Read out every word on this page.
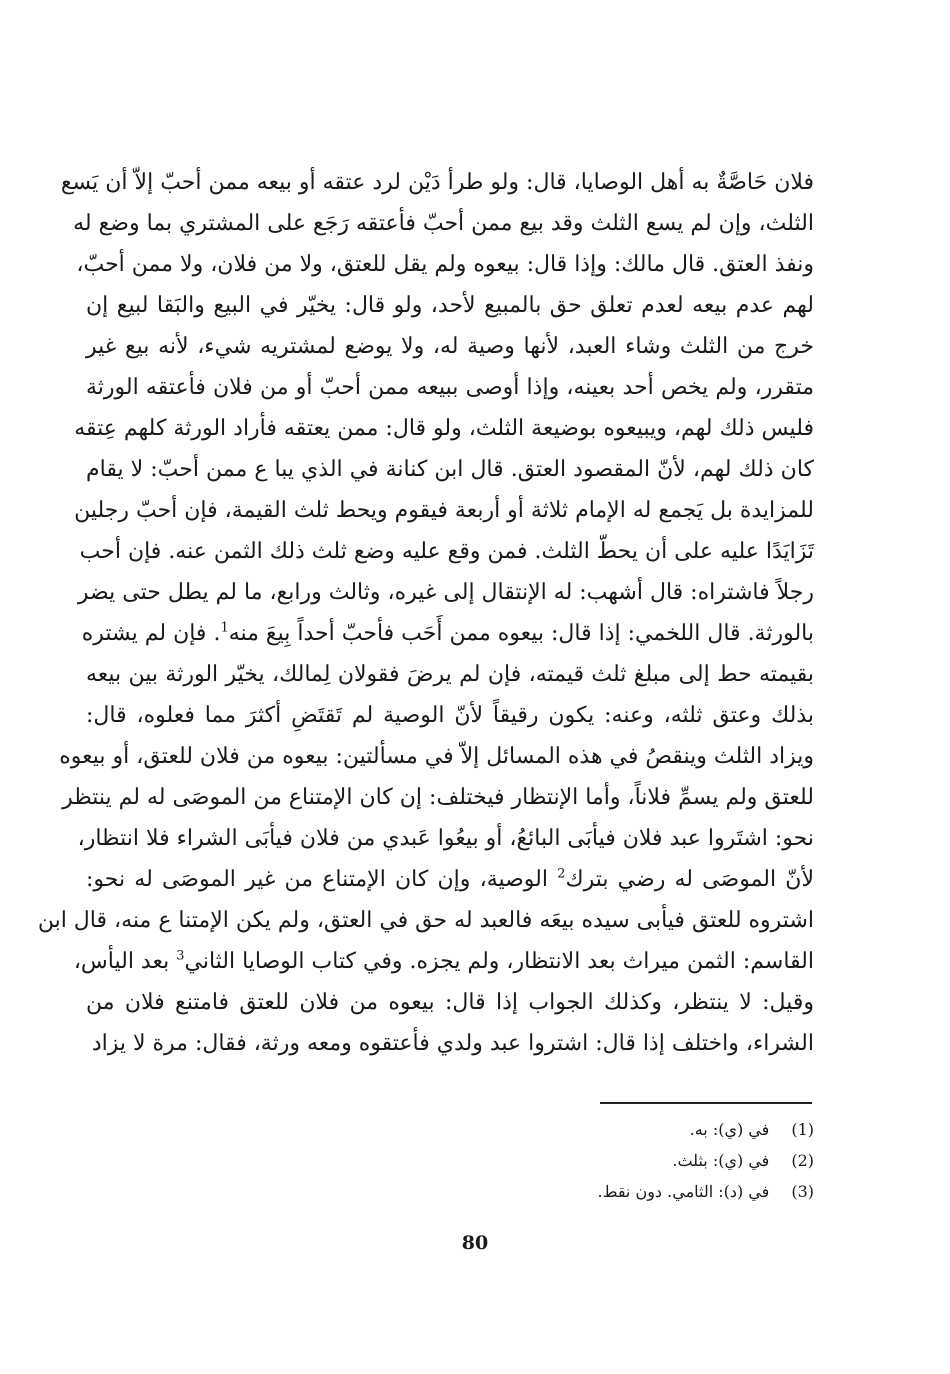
فلان حَاصَّةٌ به أهل الوصايا، قال: ولو طرأ دَيْن لرد عتقه أو بيعه ممن أحبّ إلاّ أن يَسع
الثلث، وإن لم يسع الثلث وقد بيع ممن أحبّ فأعتقه رَجَع على المشتري بما وضع له
ونفذ العتق. قال مالك: وإذا قال: بيعوه ولم يقل للعتق، ولا من فلان، ولا ممن أحبّ،
لهم عدم بيعه لعدم تعلق حق بالمبيع لأحد، ولو قال: يخيّر في البيع والبَقا لبيع إن
خرج من الثلث وشاء العبد، لأنها وصية له، ولا يوضع لمشتريه شيء، لأنه بيع غير
متقرر، ولم يخص أحد بعينه، وإذا أوصى ببيعه ممن أحبّ أو من فلان فأعتقه الورثة
فليس ذلك لهم، ويبيعوه بوضيعة الثلث، ولو قال: ممن يعتقه فأراد الورثة كلهم عِتقه
كان ذلك لهم، لأنّ المقصود العتق. قال ابن كنانة في الذي يبا ع ممن أحبّ: لا يقام
للمزايدة بل يَجمع له الإمام ثلاثة أو أربعة فيقوم ويحط ثلث القيمة، فإن أحبّ رجلين
تَزَايَدًا عليه على أن يحطّ الثلث. فمن وقع عليه وضع ثلث ذلك الثمن عنه. فإن أحب
رجلاً فاشتراه: قال أشهب: له الإنتقال إلى غيره، وثالث ورابع، ما لم يطل حتى يضر
بالورثة. قال اللخمي: إذا قال: بيعوه ممن أَحَب فأحبّ أحداً بِيعَ منه$^1$. فإن لم يشتره
بقيمته حط إلى مبلغ ثلث قيمته، فإن لم يرضَ فقولان لِمالك، يخيّر الورثة بين بيعه
بذلك وعتق ثلثه، وعنه: يكون رقيقاً لأنّ الوصية لم تَقتَضِ أكثرَ مما فعلوه، قال:
ويزاد الثلث وينقصُ في هذه المسائل إلاّ في مسألتين: بيعوه من فلان للعتق، أو بيعوه
للعتق ولم يسمِّ فلاناً، وأما الإنتظار فيختلف: إن كان الإمتناع من الموصَى له لم ينتظر
نحو: اشتَروا عبد فلان فيأبَى البائعُ، أو بيعُوا عَبدي من فلان فيأبَى الشراء فلا انتظار،
لأنّ الموصَى له رضي بترك$^2$ الوصية، وإن كان الإمتناع من غير الموصَى له نحو:
اشتروه للعتق فيأبى سيده بيعَه فالعبد له حق في العتق، ولم يكن الإمتنا ع منه، قال ابن
القاسم: الثمن ميراث بعد الانتظار، ولم يجزه. وفي كتاب الوصايا الثاني$^3$ بعد اليأس،
وقيل: لا ينتظر، وكذلك الجواب إذا قال: بيعوه من فلان للعتق فامتنع فلان من
الشراء، واختلف إذا قال: اشتروا عبد ولدي فأعتقوه ومعه ورثة، فقال: مرة لا يزاد
(1)في (ي): به.
(2)في (ي): بثلث.
(3)في (د): الثامي. دون نقط.
80
